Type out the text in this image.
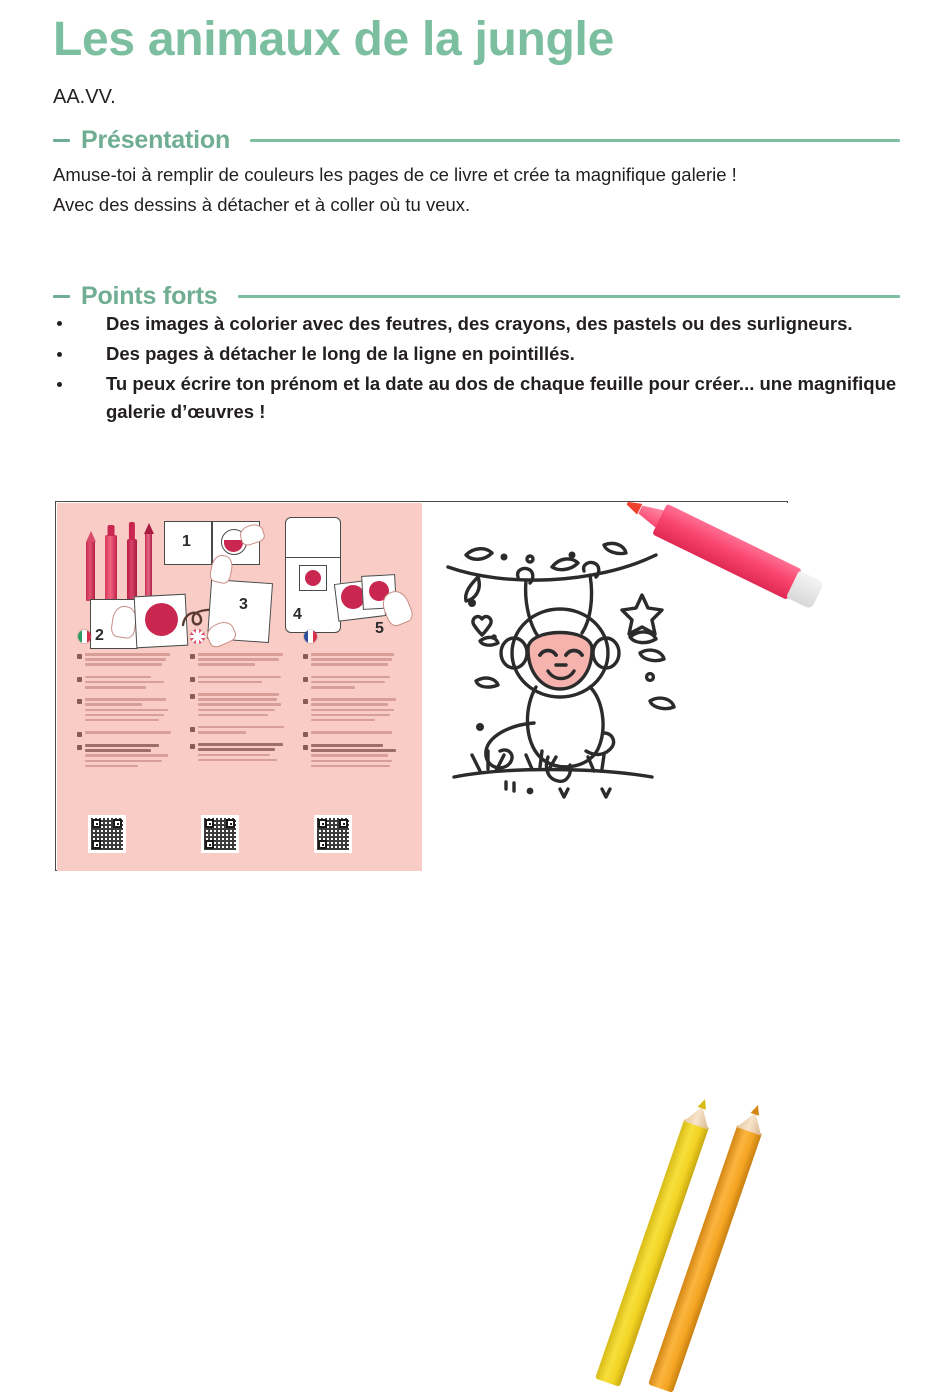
Les animaux de la jungle
AA.VV.
Présentation

Amuse-toi à remplir de couleurs les pages de ce livre et crée ta magnifique galerie !

Avec des dessins à détacher et à coller où tu veux.

Points forts
Des images à colorier avec des feutres, des crayons, des pastels ou des surligneurs.
Des pages à détacher le long de la ligne en pointillés.
Tu peux écrire ton prénom et la date au dos de chaque feuille pour créer... une magnifique galerie d’œuvres !
1
2
3
4
5
